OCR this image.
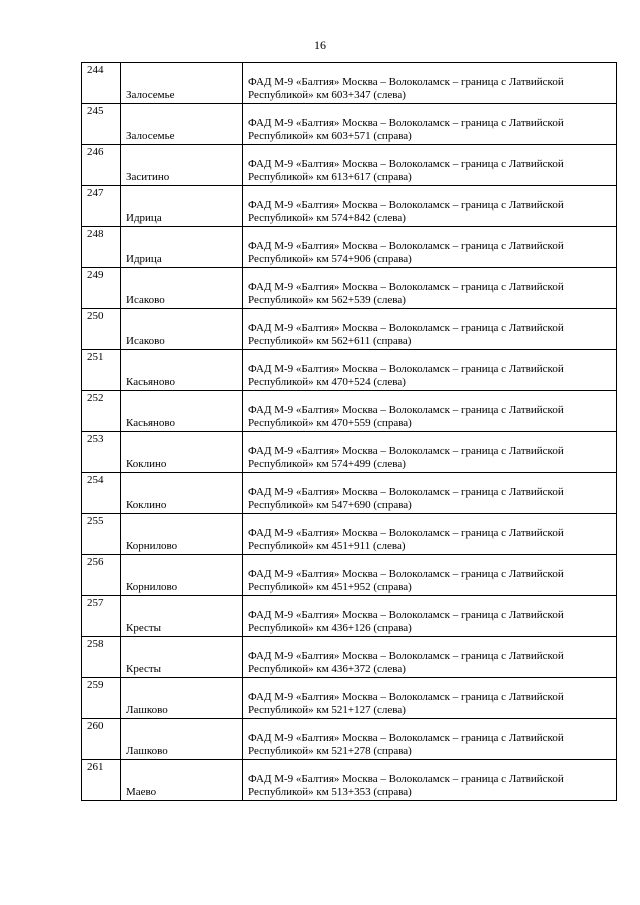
16
244	Залосемье	ФАД М-9 «Балтия» Москва – Волоколамск – граница с Латвийской Республикой» км 603+347 (слева)
245	Залосемье	ФАД М-9 «Балтия» Москва – Волоколамск – граница с Латвийской Республикой» км 603+571 (справа)
246	Заситино	ФАД М-9 «Балтия» Москва – Волоколамск – граница с Латвийской Республикой» км 613+617 (справа)
247	Идрица	ФАД М-9 «Балтия» Москва – Волоколамск – граница с Латвийской Республикой» км 574+842 (слева)
248	Идрица	ФАД М-9 «Балтия» Москва – Волоколамск – граница с Латвийской Республикой» км 574+906 (справа)
249	Исаково	ФАД М-9 «Балтия» Москва – Волоколамск – граница с Латвийской Республикой» км 562+539 (слева)
250	Исаково	ФАД М-9 «Балтия» Москва – Волоколамск – граница с Латвийской Республикой» км 562+611 (справа)
251	Касьяново	ФАД М-9 «Балтия» Москва – Волоколамск – граница с Латвийской Республикой» км 470+524 (слева)
252	Касьяново	ФАД М-9 «Балтия» Москва – Волоколамск – граница с Латвийской Республикой» км 470+559 (справа)
253	Коклино	ФАД М-9 «Балтия» Москва – Волоколамск – граница с Латвийской Республикой» км 574+499 (слева)
254	Коклино	ФАД М-9 «Балтия» Москва – Волоколамск – граница с Латвийской Республикой» км 547+690 (справа)
255	Корнилово	ФАД М-9 «Балтия» Москва – Волоколамск – граница с Латвийской Республикой» км 451+911 (слева)
256	Корнилово	ФАД М-9 «Балтия» Москва – Волоколамск – граница с Латвийской Республикой» км 451+952 (справа)
257	Кресты	ФАД М-9 «Балтия» Москва – Волоколамск – граница с Латвийской Республикой» км 436+126 (справа)
258	Кресты	ФАД М-9 «Балтия» Москва – Волоколамск – граница с Латвийской Республикой» км 436+372 (слева)
259	Лашково	ФАД М-9 «Балтия» Москва – Волоколамск – граница с Латвийской Республикой» км 521+127 (слева)
260	Лашково	ФАД М-9 «Балтия» Москва – Волоколамск – граница с Латвийской Республикой» км 521+278 (справа)
261	Маево	ФАД М-9 «Балтия» Москва – Волоколамск – граница с Латвийской Республикой» км 513+353 (справа)
